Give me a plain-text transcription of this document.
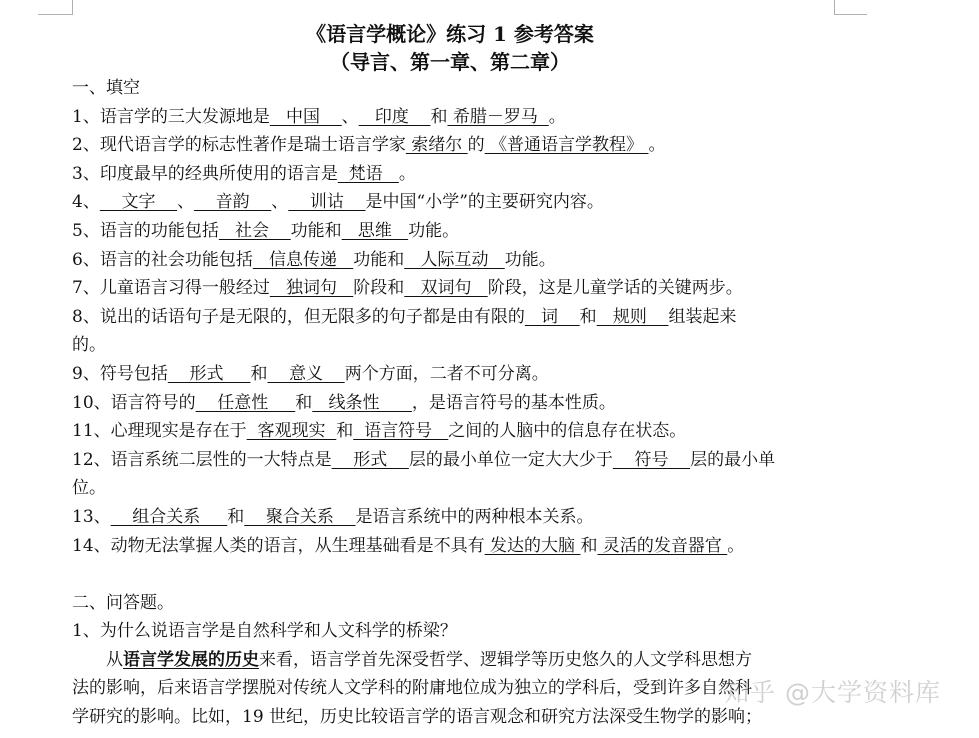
《语言学概论》练习 1 参考答案
（导言、第一章、第二章）
一、填空
1、语言学的三大发源地是   中国    、   印度    和 希腊－罗马  。
2、现代语言学的标志性著作是瑞士语言学家 索绪尔 的 《普通语言学教程》 。
3、印度最早的经典所使用的语言是  梵语   。
4、    文字    、    音韵    、    训诂    是中国“小学”的主要研究内容。
5、语言的功能包括   社会    功能和   思维   功能。
6、语言的社会功能包括   信息传递   功能和   人际互动   功能。
7、儿童语言习得一般经过   独词句   阶段和   双词句   阶段，这是儿童学话的关键两步。
8、说出的话语句子是无限的，但无限多的句子都是由有限的   词    和   规则    组装起来
的。
9、符号包括    形式     和    意义    两个方面，二者不可分离。
10、语言符号的    任意性     和   线条性      ，是语言符号的基本性质。
11、心理现实是存在于  客观现实  和  语言符号   之间的人脑中的信息存在状态。
12、语言系统二层性的一大特点是    形式    层的最小单位一定大大少于    符号    层的最小单
位。
13、    组合关系     和    聚合关系    是语言系统中的两种根本关系。
14、动物无法掌握人类的语言，从生理基础看是不具有 发达的大脑 和 灵活的发音器官 。
二、问答题。
1、为什么说语言学是自然科学和人文科学的桥梁？
从语言学发展的历史来看，语言学首先深受哲学、逻辑学等历史悠久的人文学科思想方
法的影响，后来语言学摆脱对传统人文学科的附庸地位成为独立的学科后，受到许多自然科
学研究的影响。比如，19 世纪，历史比较语言学的语言观念和研究方法深受生物学的影响；
知乎 @大学资料库
